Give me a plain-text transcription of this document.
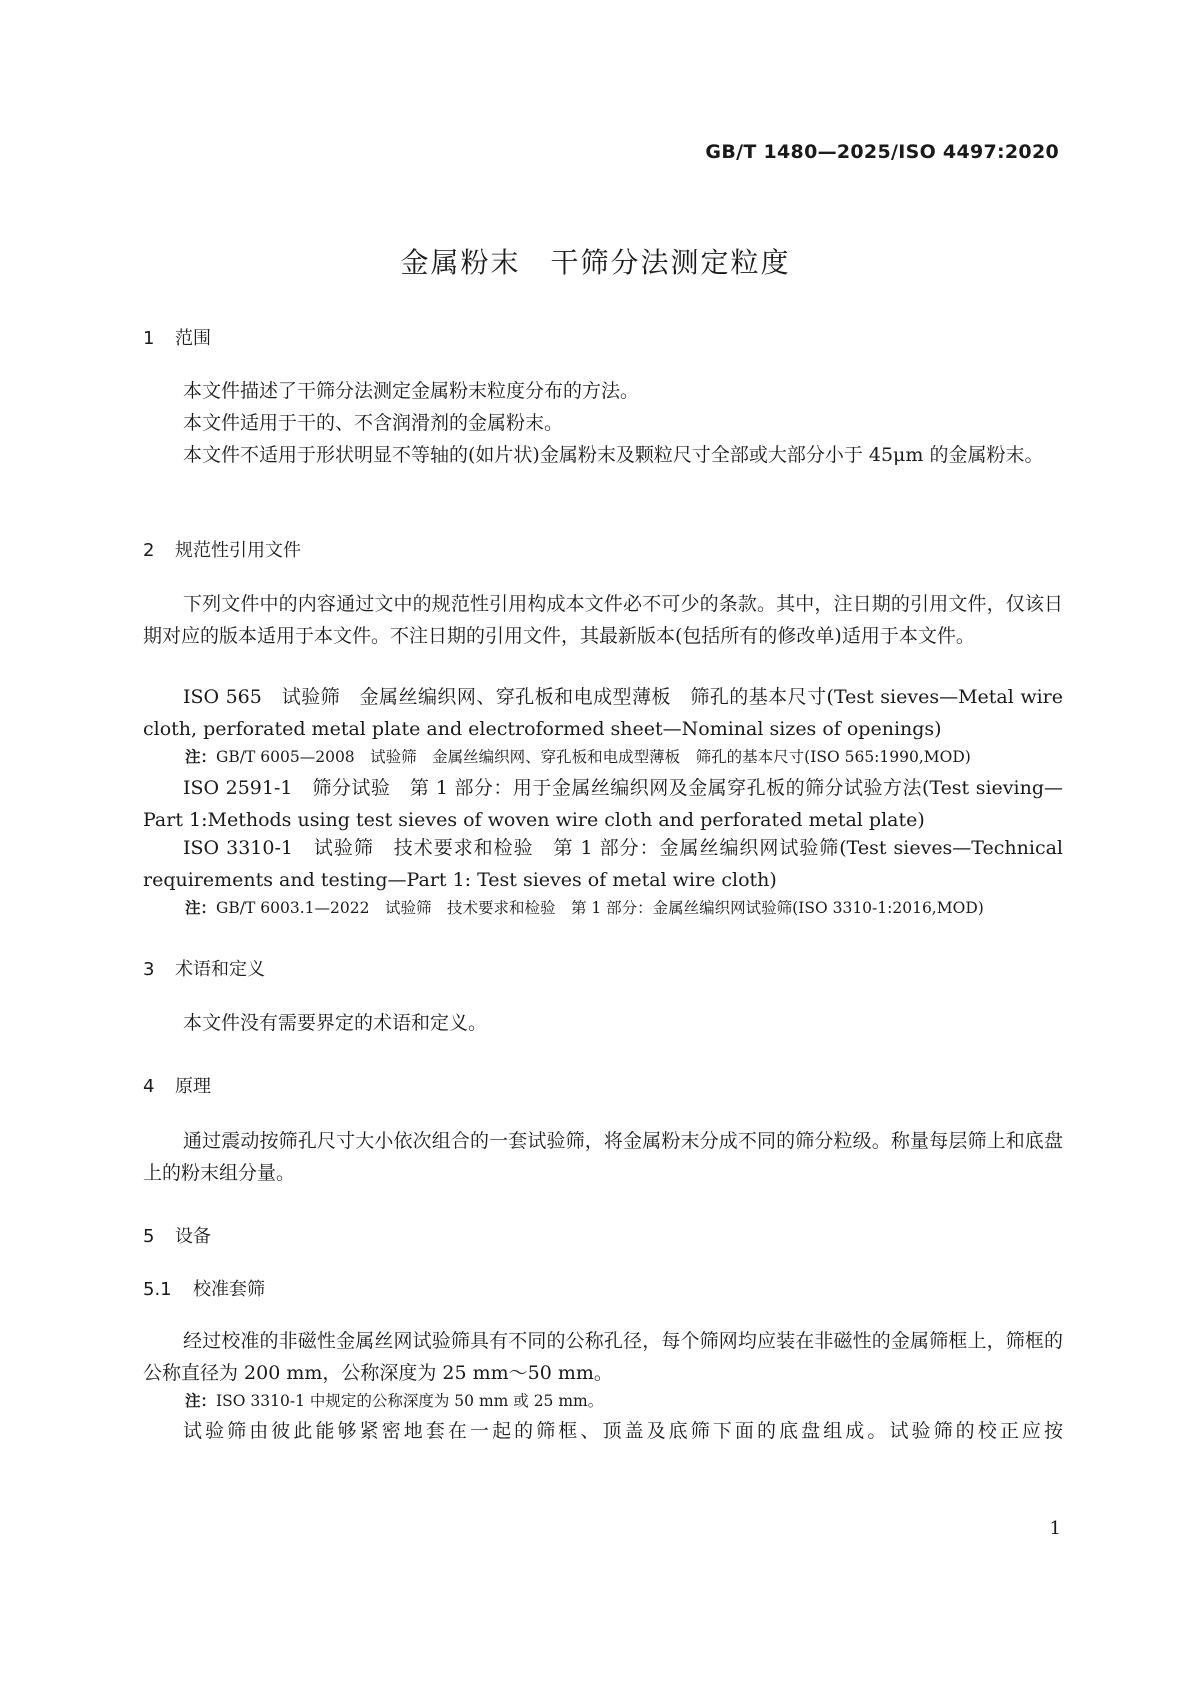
GB/T 1480—2025/ISO 4497:2020
金属粉末　干筛分法测定粒度
1 范围

本文件描述了干筛分法测定金属粉末粒度分布的方法。

本文件适用于干的、不含润滑剂的金属粉末。

本文件不适用于形状明显不等轴的(如片状)金属粉末及颗粒尺寸全部或大部分小于 45μm 的金属粉末。

2 规范性引用文件

下列文件中的内容通过文中的规范性引用构成本文件必不可少的条款。其中，注日期的引用文件，仅该日期对应的版本适用于本文件。不注日期的引用文件，其最新版本(包括所有的修改单)适用于本文件。

ISO 565　试验筛　金属丝编织网、穿孔板和电成型薄板　筛孔的基本尺寸(Test sieves—Metal wire cloth, perforated metal plate and electroformed sheet—Nominal sizes of openings)

注：GB/T 6005—2008　试验筛　金属丝编织网、穿孔板和电成型薄板　筛孔的基本尺寸(ISO 565:1990,MOD)

ISO 2591-1　筛分试验　第 1 部分：用于金属丝编织网及金属穿孔板的筛分试验方法(Test sieving—Part 1:Methods using test sieves of woven wire cloth and perforated metal plate)

ISO 3310-1　试验筛　技术要求和检验　第 1 部分：金属丝编织网试验筛(Test sieves—Technical requirements and testing—Part 1: Test sieves of metal wire cloth)

注：GB/T 6003.1—2022　试验筛　技术要求和检验　第 1 部分：金属丝编织网试验筛(ISO 3310-1:2016,MOD)
3 术语和定义

本文件没有需要界定的术语和定义。

4 原理

通过震动按筛孔尺寸大小依次组合的一套试验筛，将金属粉末分成不同的筛分粒级。称量每层筛上和底盘上的粉末组分量。

5 设备
5.1 校准套筛

经过校准的非磁性金属丝网试验筛具有不同的公称孔径，每个筛网均应装在非磁性的金属筛框上，筛框的公称直径为 200 mm，公称深度为 25 mm～50 mm。

注：ISO 3310-1 中规定的公称深度为 50 mm 或 25 mm。

试验筛由彼此能够紧密地套在一起的筛框、顶盖及底筛下面的底盘组成。试验筛的校正应按

1
